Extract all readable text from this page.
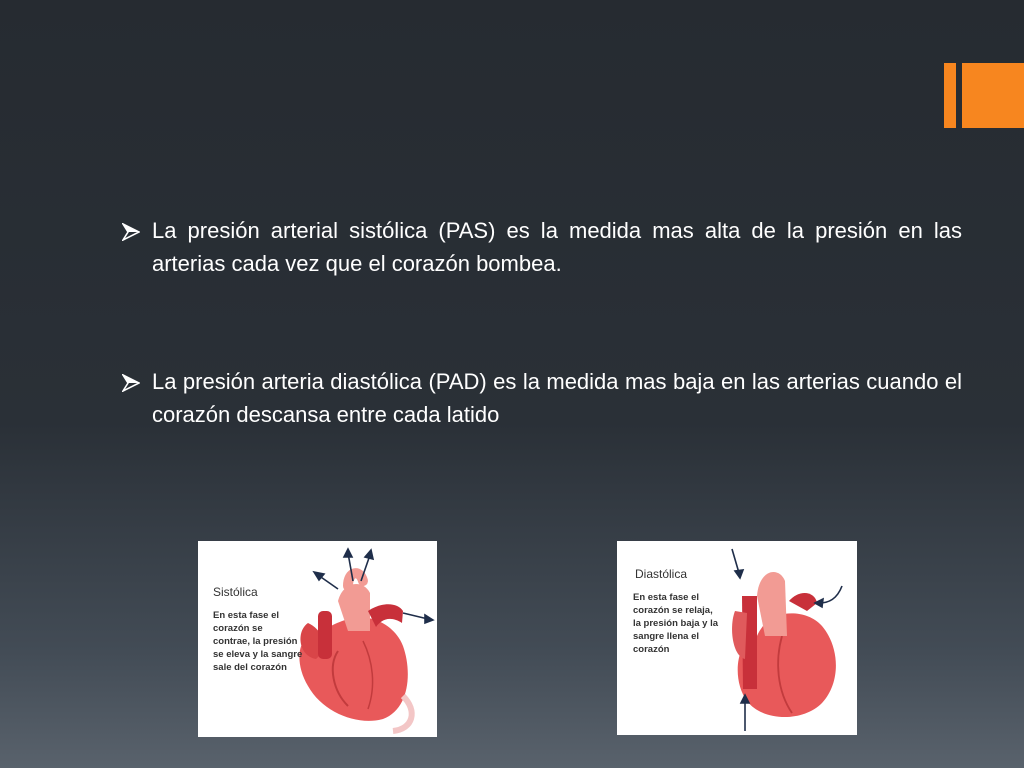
La presión arterial sistólica (PAS) es la medida mas alta de la presión en las arterias cada vez que el corazón bombea.

La presión arteria diastólica (PAD) es la medida mas baja en las arterias cuando el corazón descansa entre cada latido

Sistólica
En esta fase el
corazón se
contrae, la presión
se eleva y la sangre
sale del corazón
Diastólica
En esta fase el
corazón se relaja,
la presión baja y la
sangre llena el
corazón
